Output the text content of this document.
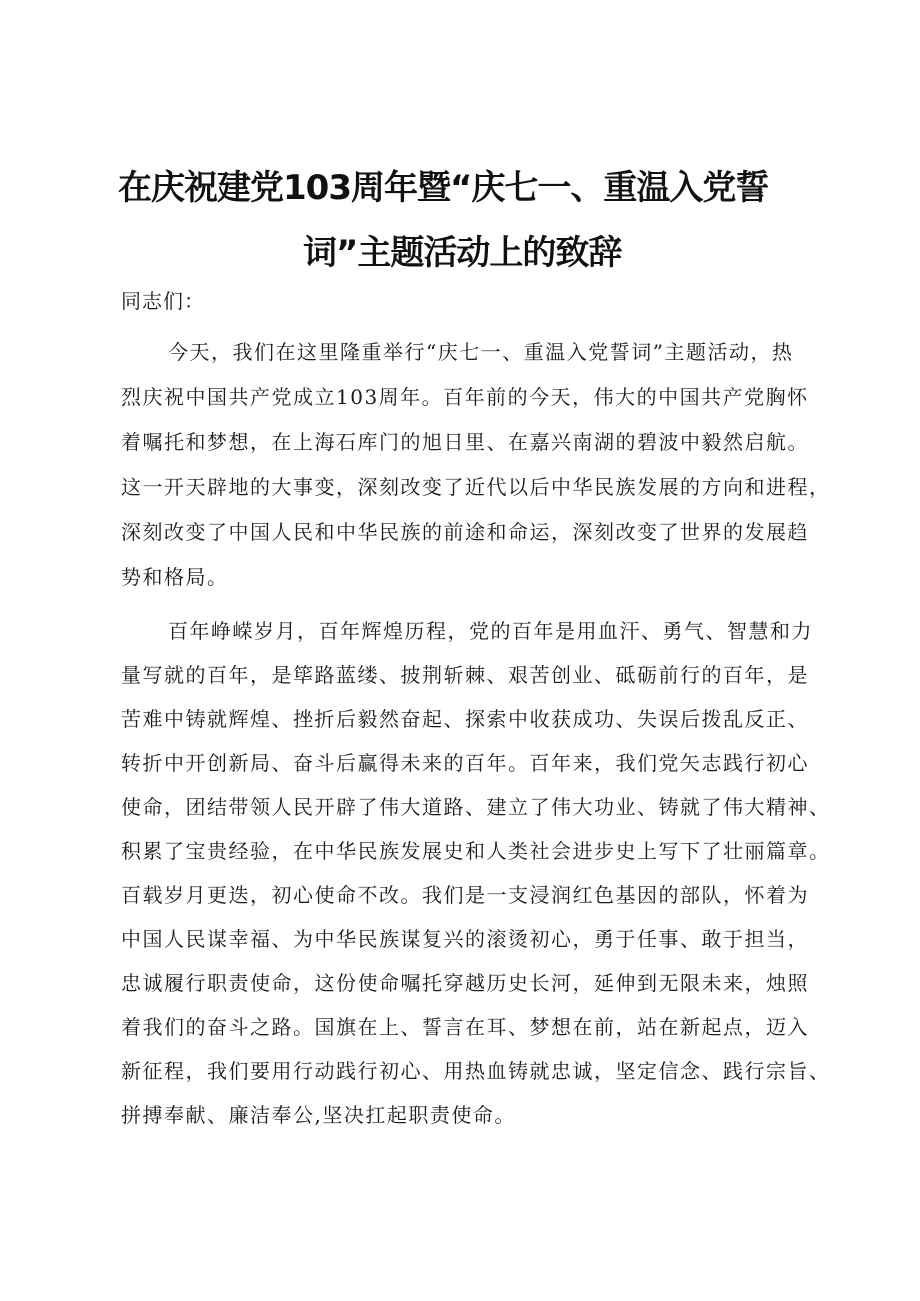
在庆祝建党103周年暨“庆七一、重温入党誓
词”主题活动上的致辞
同志们：
今天，我们在这里隆重举行“庆七一、重温入党誓词”主题活动，热
烈庆祝中国共产党成立103周年。百年前的今天，伟大的中国共产党胸怀
着嘱托和梦想，在上海石库门的旭日里、在嘉兴南湖的碧波中毅然启航。
这一开天辟地的大事变，深刻改变了近代以后中华民族发展的方向和进程，
深刻改变了中国人民和中华民族的前途和命运，深刻改变了世界的发展趋
势和格局。
百年峥嵘岁月，百年辉煌历程，党的百年是用血汗、勇气、智慧和力
量写就的百年，是筚路蓝缕、披荆斩棘、艰苦创业、砥砺前行的百年，是
苦难中铸就辉煌、挫折后毅然奋起、探索中收获成功、失误后拨乱反正、
转折中开创新局、奋斗后赢得未来的百年。百年来，我们党矢志践行初心
使命，团结带领人民开辟了伟大道路、建立了伟大功业、铸就了伟大精神、
积累了宝贵经验，在中华民族发展史和人类社会进步史上写下了壮丽篇章。
百载岁月更迭，初心使命不改。我们是一支浸润红色基因的部队，怀着为
中国人民谋幸福、为中华民族谋复兴的滚烫初心，勇于任事、敢于担当，
忠诚履行职责使命，这份使命嘱托穿越历史长河，延伸到无限未来，烛照
着我们的奋斗之路。国旗在上、誓言在耳、梦想在前，站在新起点，迈入
新征程，我们要用行动践行初心、用热血铸就忠诚，坚定信念、践行宗旨、
拼搏奉献、廉洁奉公,坚决扛起职责使命。
